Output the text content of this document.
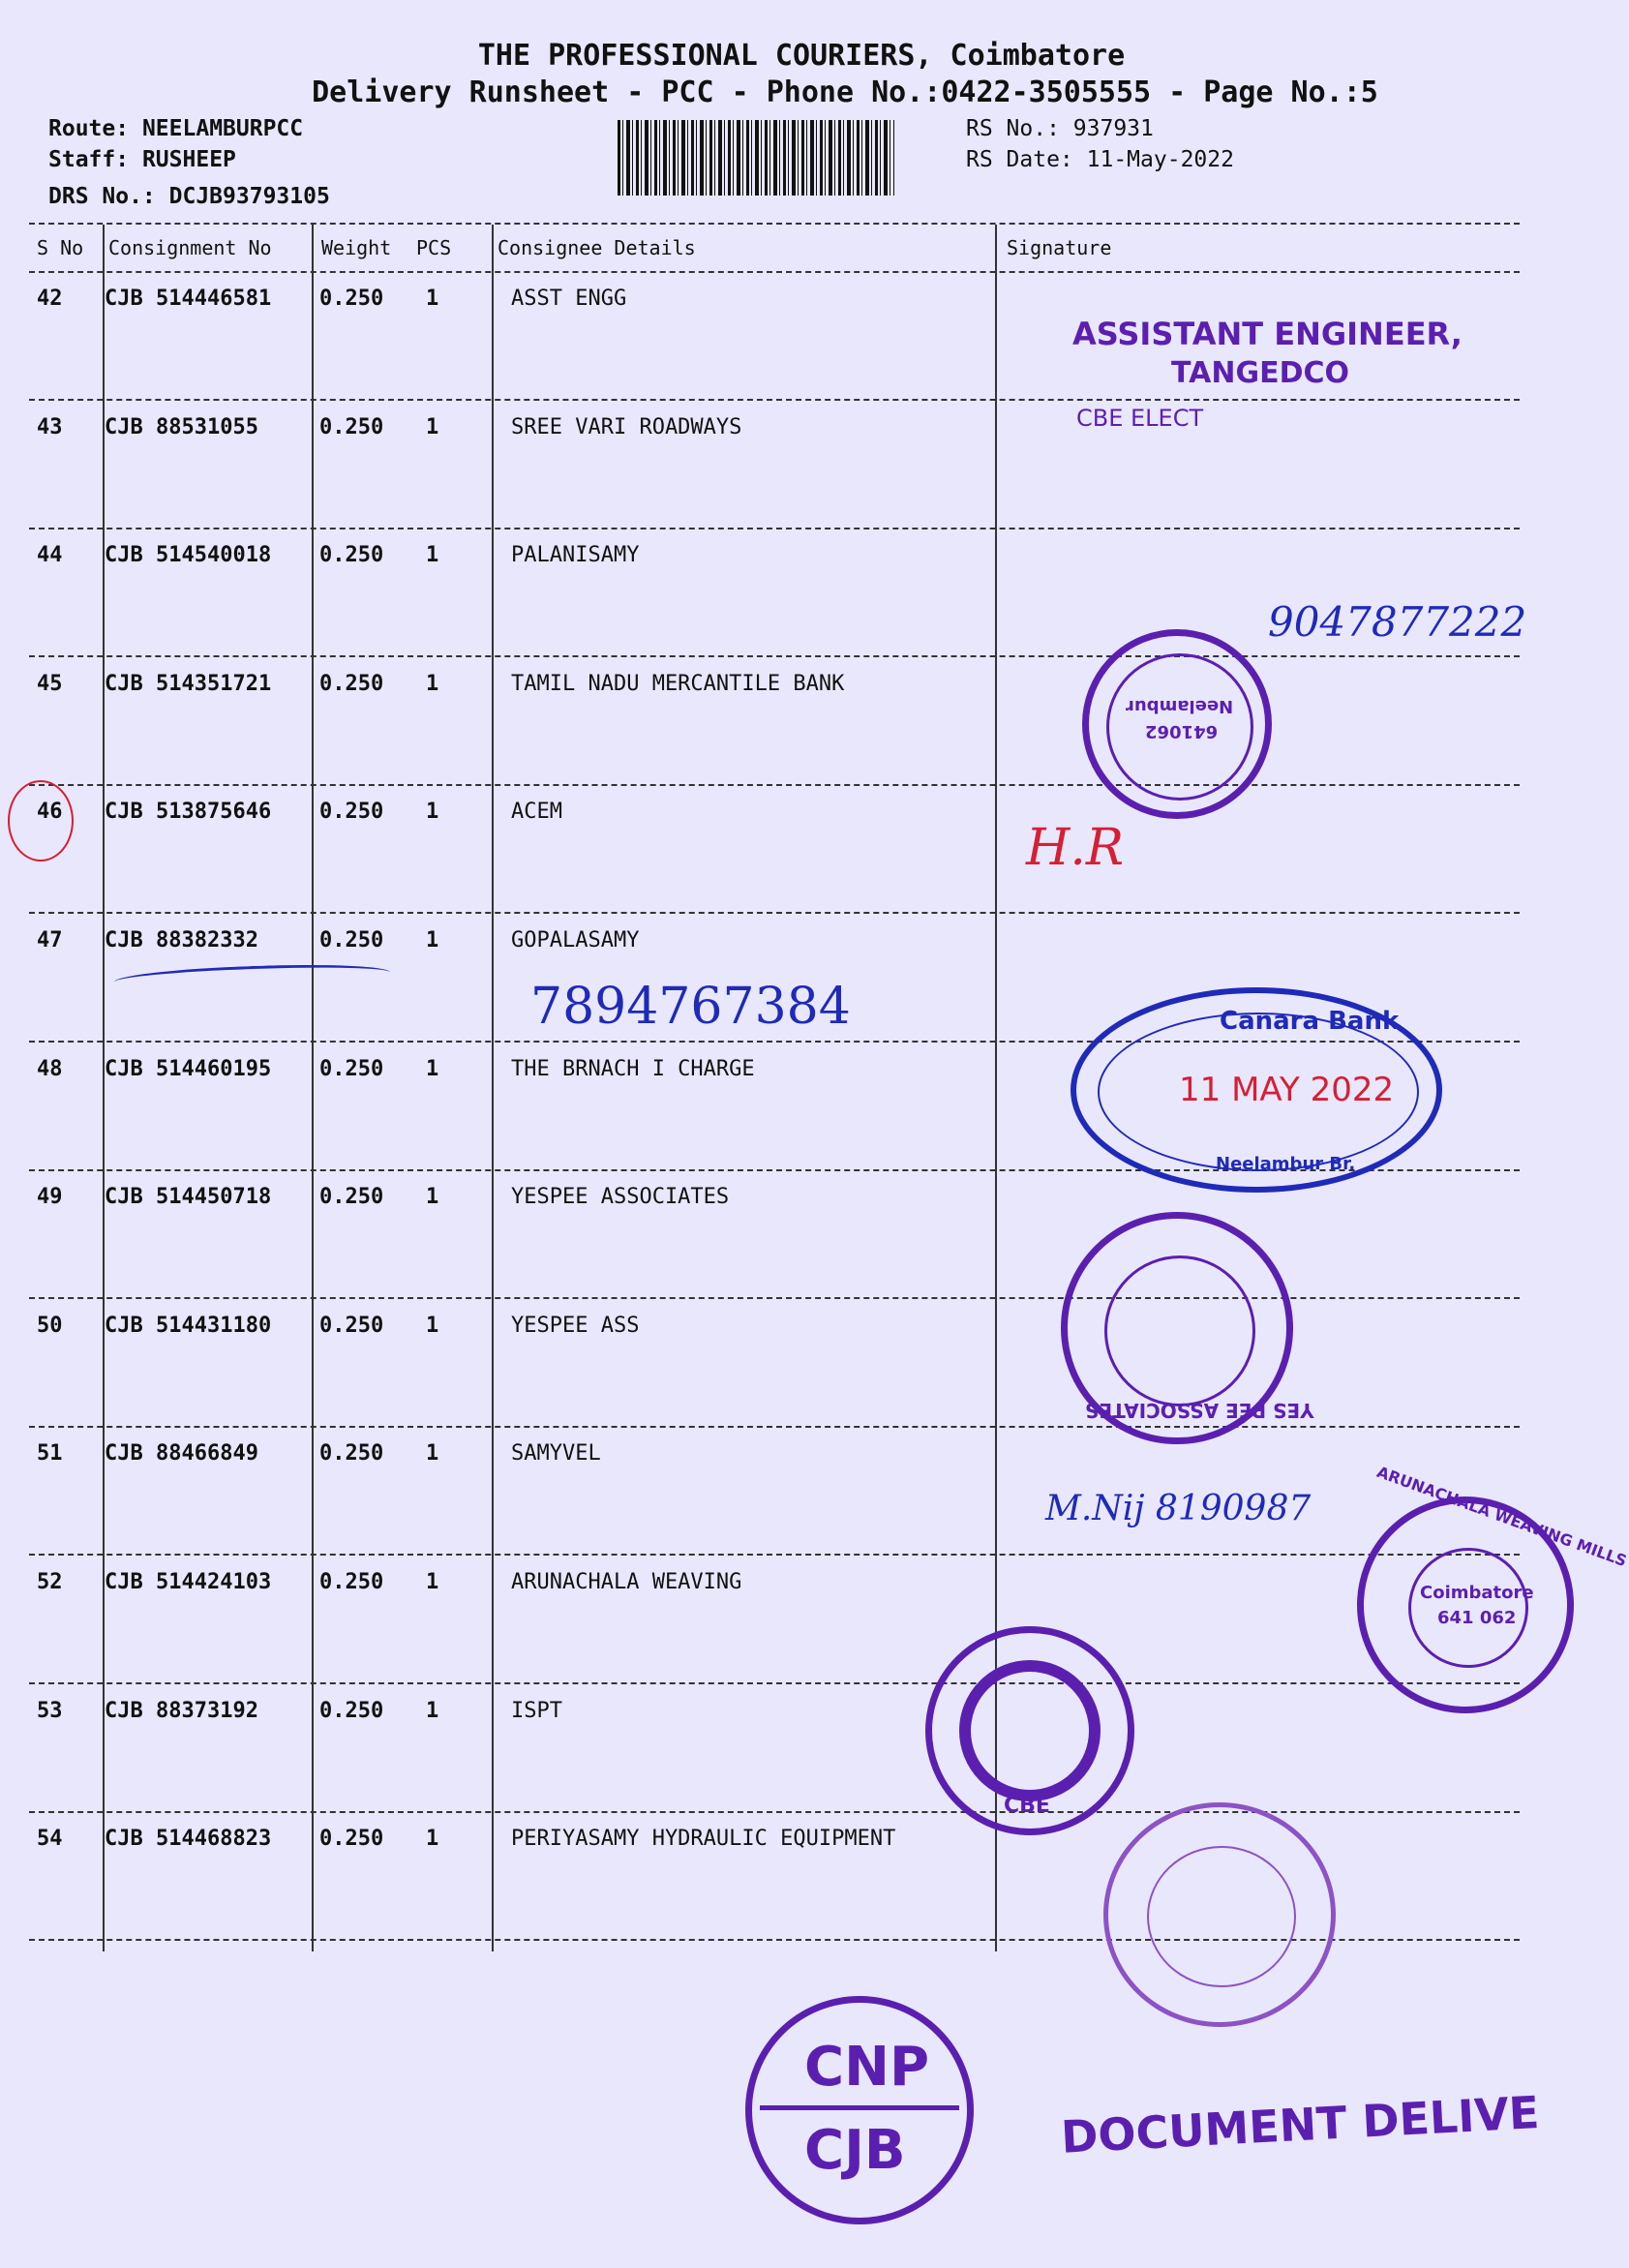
THE PROFESSIONAL COURIERS, Coimbatore
Delivery Runsheet - PCC - Phone No.:0422-3505555 - Page No.:5
Route: NEELAMBURPCC
Staff: RUSHEEP
DRS No.: DCJB93793105
RS No.: 937931
RS Date: 11-May-2022
S No Consignment No	Weight PCS Consignee Details	Signature
42 CJB 514446581 0.250 1	ASST ENGG
43 CJB 88531055	0.250 1	SREE VARI ROADWAYS
44 CJB 514540018 0.250 1	PALANISAMY
45 CJB 514351721 0.250 1	TAMIL NADU MERCANTILE BANK
46 CJB 513875646 0.250 1	ACEM
47 CJB 88382332	0.250 1	GOPALASAMY
48 CJB 514460195 0.250 1	THE BRNACH I CHARGE
49 CJB 514450718 0.250 1	YESPEE ASSOCIATES
50 CJB 514431180 0.250 1	YESPEE ASS
51 CJB 88466849	0.250 1	SAMYVEL
52 CJB 514424103 0.250 1	ARUNACHALA WEAVING
53 CJB 88373192	0.250 1	ISPT
54 CJB 514468823 0.250 1	PERIYASAMY HYDRAULIC EQUIPMENT
ASSISTANT ENGINEER,
TANGEDCO
CBE ELECT
9047877222
Neelambur
641062
H.R
7894767384	Canara Bank
11 MAY 2022
Neelambur Br.
YES PEE ASSOCIATES
M.Nij 8190987	ARUNACHALA WEAVING MILLS
Coimbatore
641 062
CBE
CNP
CJB	DOCUMENT DELIVE
